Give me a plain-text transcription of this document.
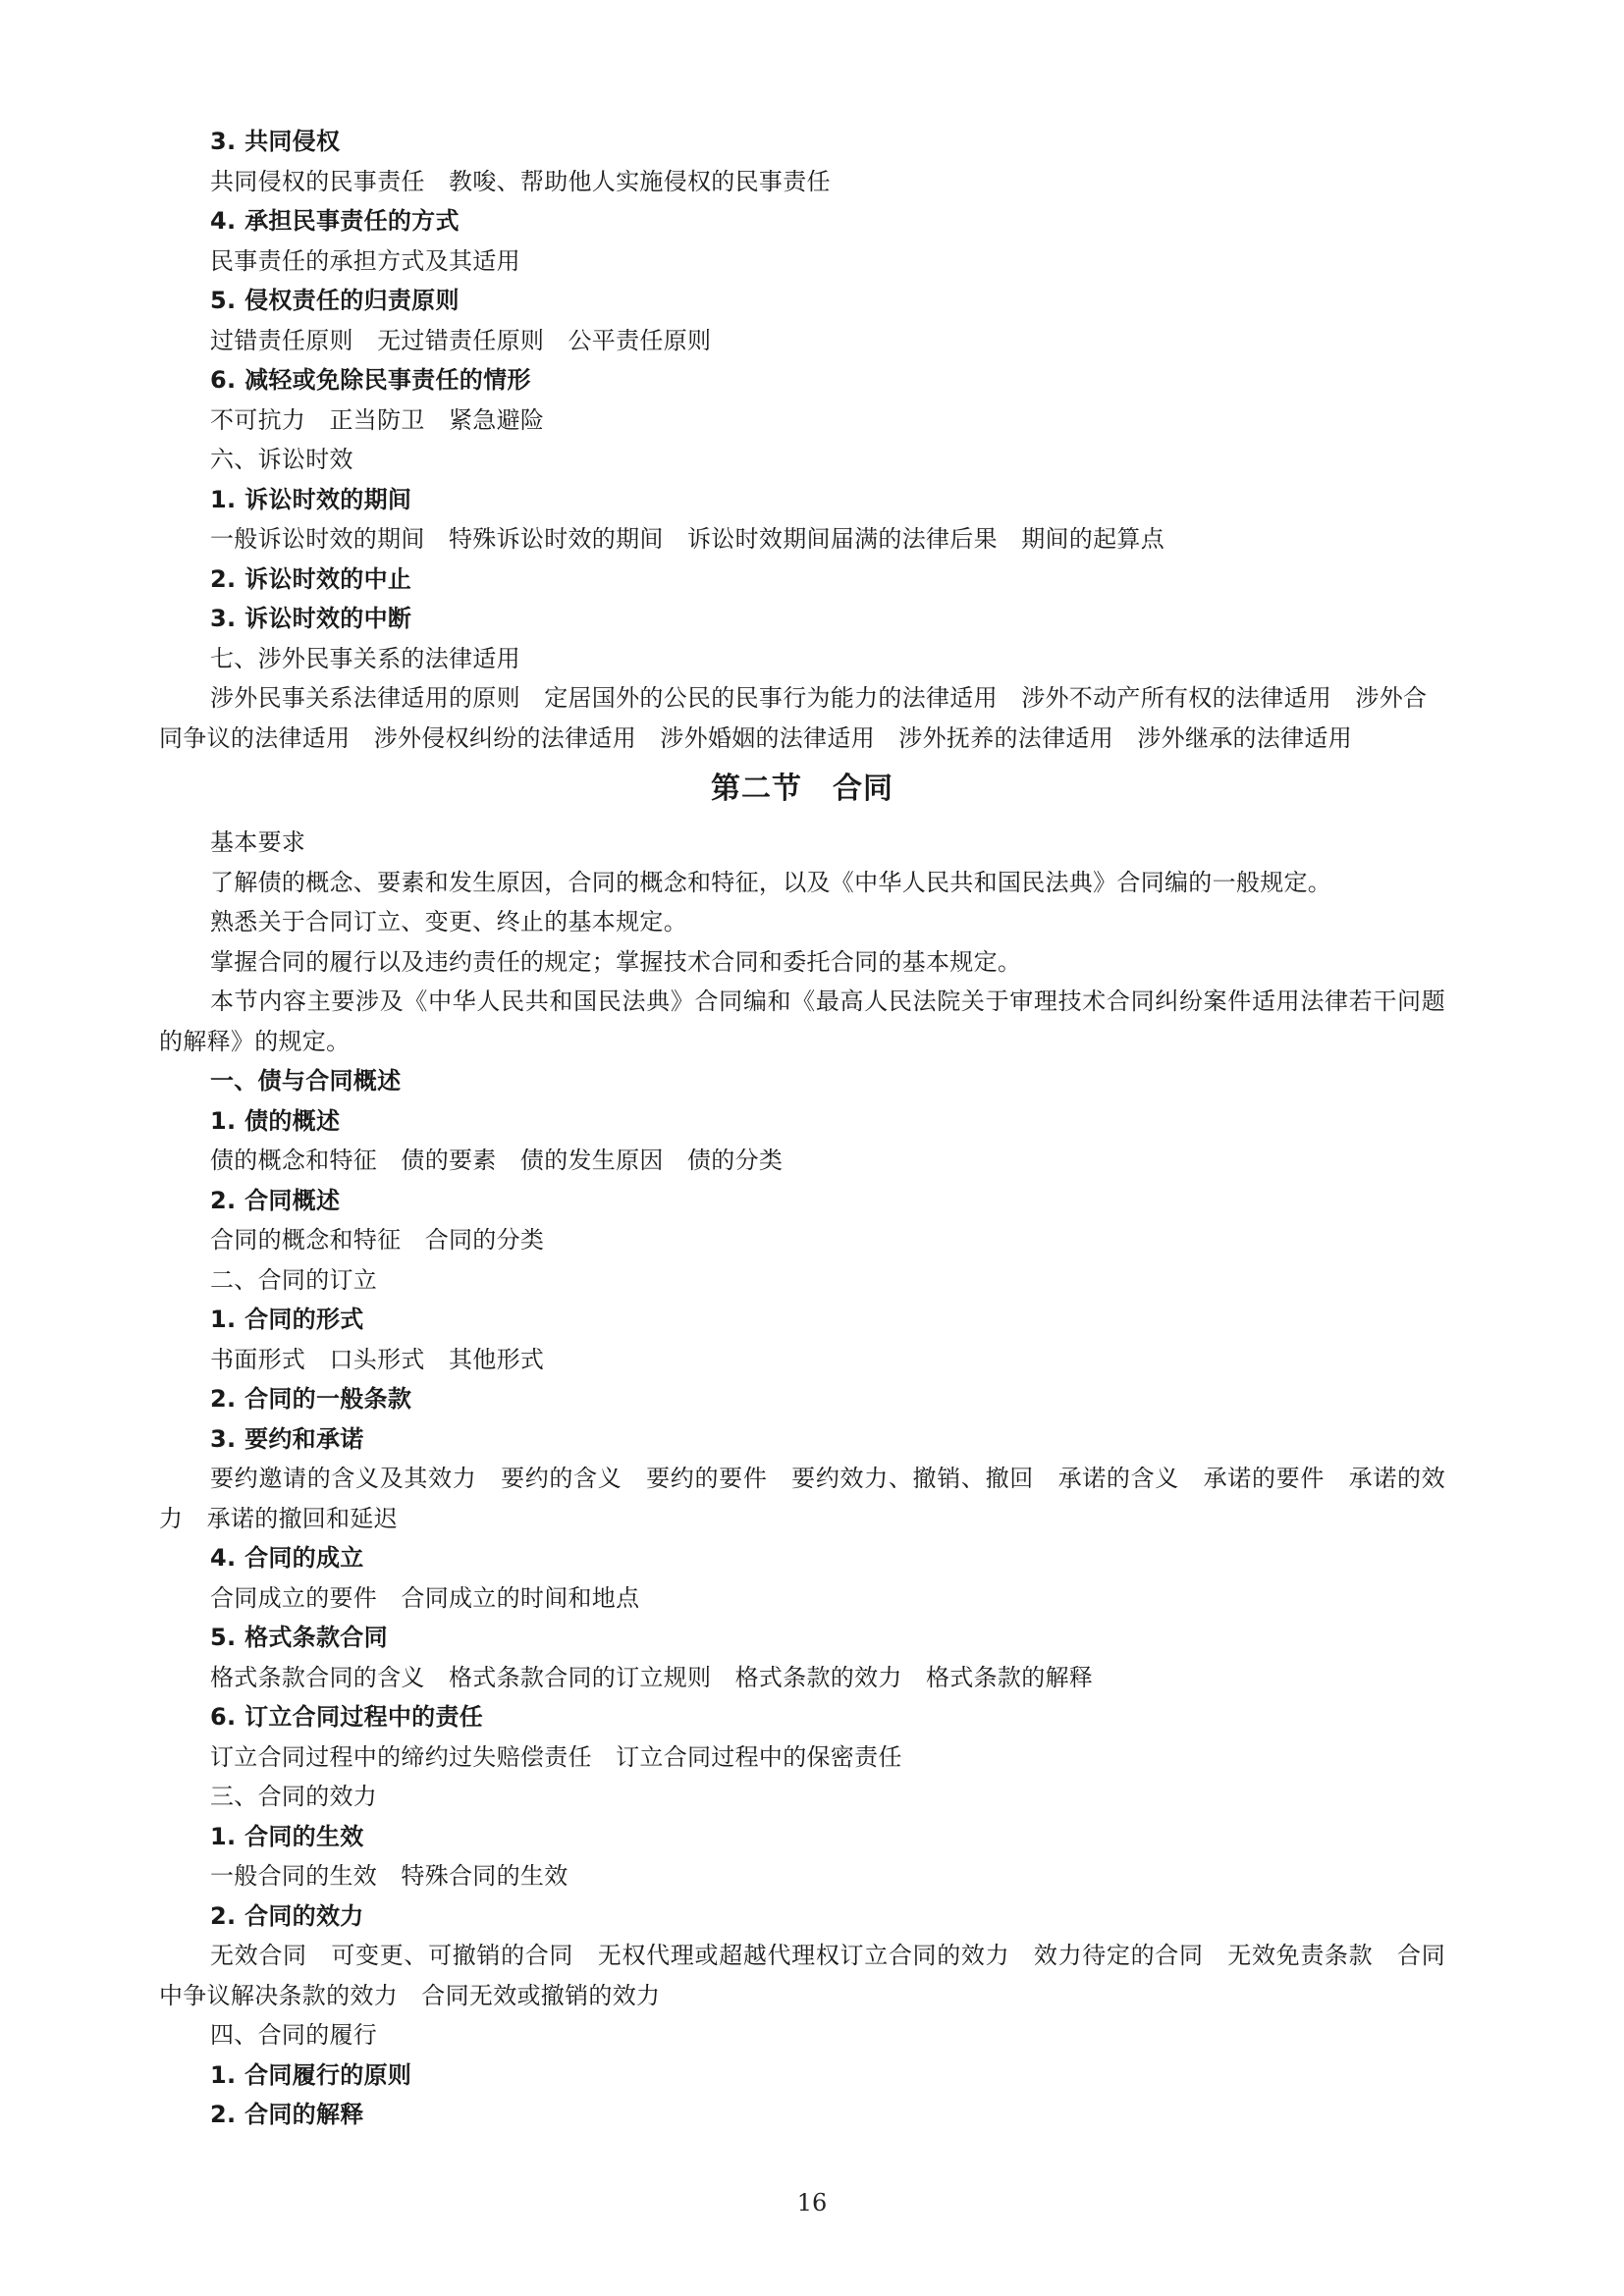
3. 共同侵权
共同侵权的民事责任　教唆、帮助他人实施侵权的民事责任
4. 承担民事责任的方式
民事责任的承担方式及其适用
5. 侵权责任的归责原则
过错责任原则　无过错责任原则　公平责任原则
6. 减轻或免除民事责任的情形
不可抗力　正当防卫　紧急避险
六、诉讼时效
1. 诉讼时效的期间
一般诉讼时效的期间　特殊诉讼时效的期间　诉讼时效期间届满的法律后果　期间的起算点
2. 诉讼时效的中止
3. 诉讼时效的中断
七、涉外民事关系的法律适用
涉外民事关系法律适用的原则　定居国外的公民的民事行为能力的法律适用　涉外不动产所有权的法律适用　涉外合同争议的法律适用　涉外侵权纠纷的法律适用　涉外婚姻的法律适用　涉外抚养的法律适用　涉外继承的法律适用
第二节　合同
基本要求
了解债的概念、要素和发生原因，合同的概念和特征，以及《中华人民共和国民法典》合同编的一般规定。
熟悉关于合同订立、变更、终止的基本规定。
掌握合同的履行以及违约责任的规定；掌握技术合同和委托合同的基本规定。
本节内容主要涉及《中华人民共和国民法典》合同编和《最高人民法院关于审理技术合同纠纷案件适用法律若干问题的解释》的规定。
一、债与合同概述
1. 债的概述
债的概念和特征　债的要素　债的发生原因　债的分类
2. 合同概述
合同的概念和特征　合同的分类
二、合同的订立
1. 合同的形式
书面形式　口头形式　其他形式
2. 合同的一般条款
3. 要约和承诺
要约邀请的含义及其效力　要约的含义　要约的要件　要约效力、撤销、撤回　承诺的含义　承诺的要件　承诺的效力　承诺的撤回和延迟
4. 合同的成立
合同成立的要件　合同成立的时间和地点
5. 格式条款合同
格式条款合同的含义　格式条款合同的订立规则　格式条款的效力　格式条款的解释
6. 订立合同过程中的责任
订立合同过程中的缔约过失赔偿责任　订立合同过程中的保密责任
三、合同的效力
1. 合同的生效
一般合同的生效　特殊合同的生效
2. 合同的效力
无效合同　可变更、可撤销的合同　无权代理或超越代理权订立合同的效力　效力待定的合同　无效免责条款　合同中争议解决条款的效力　合同无效或撤销的效力
四、合同的履行
1. 合同履行的原则
2. 合同的解释
16
